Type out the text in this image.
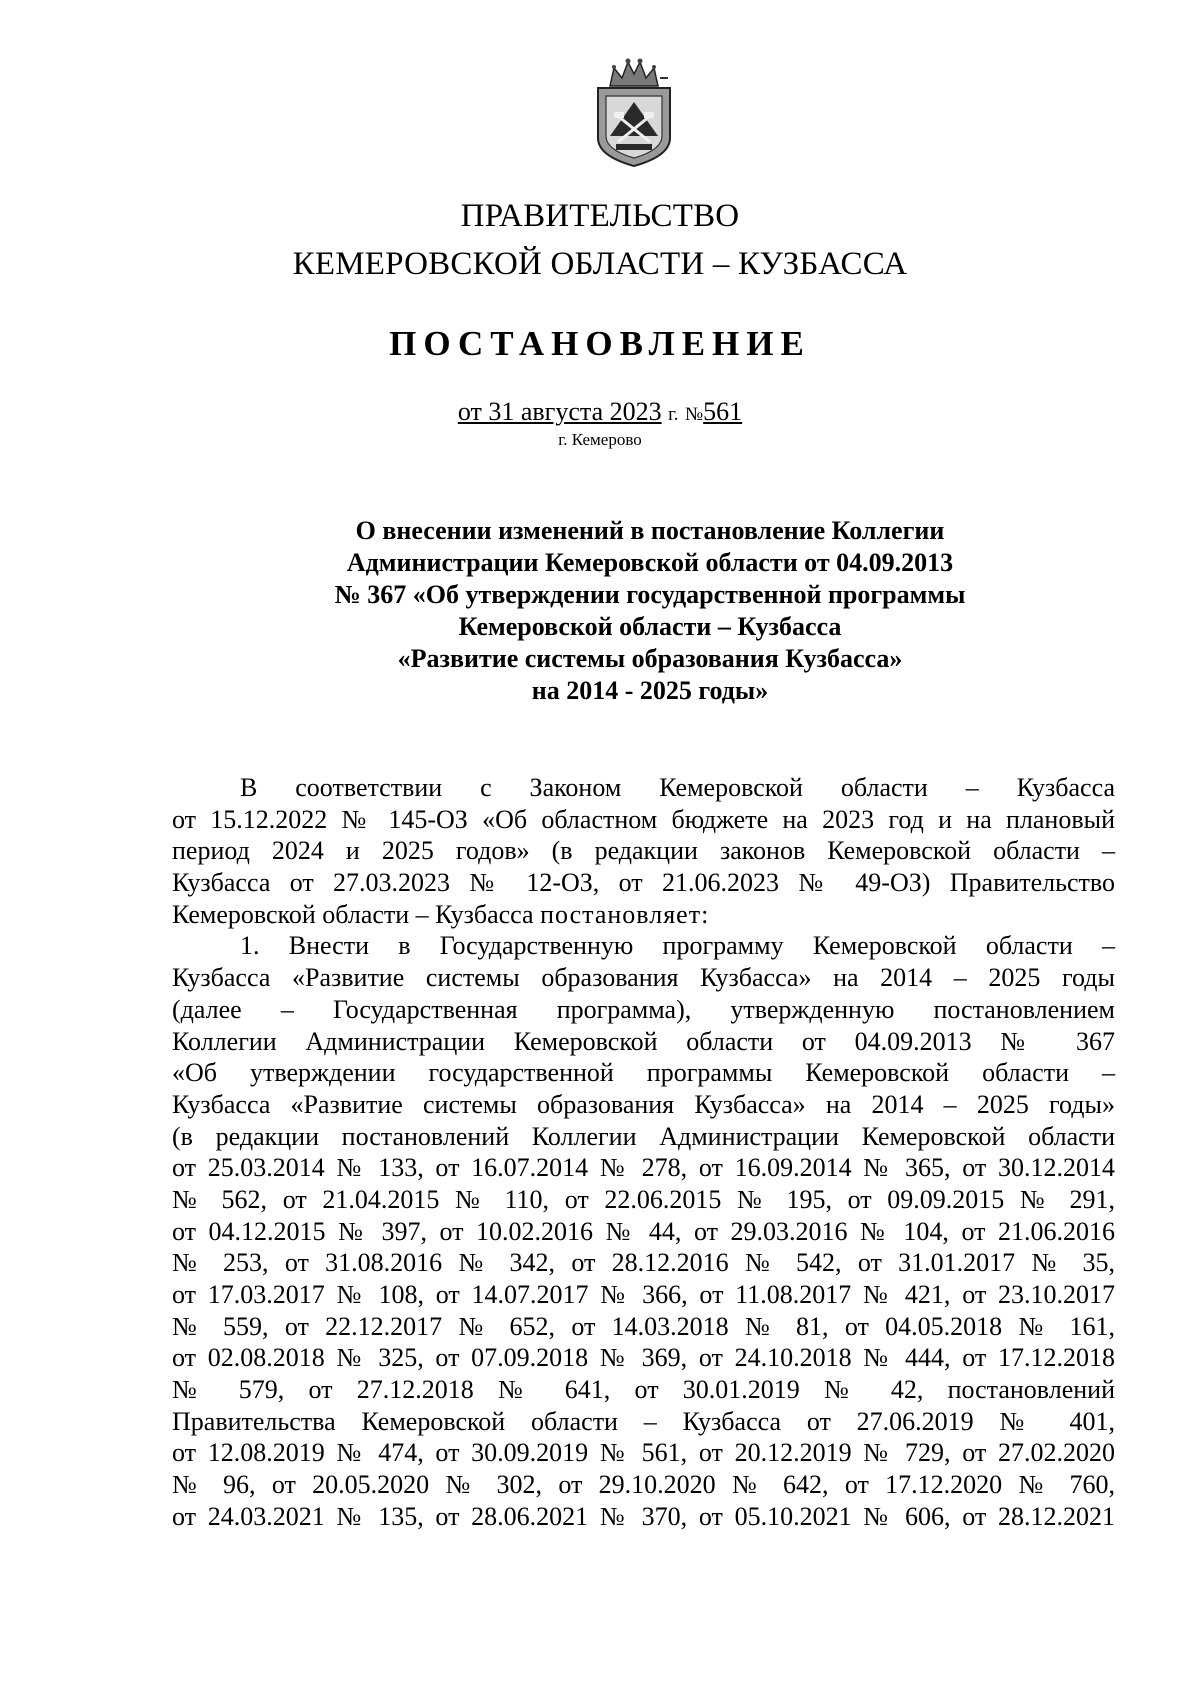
ПРАВИТЕЛЬСТВО
КЕМЕРОВСКОЙ ОБЛАСТИ – КУЗБАССА
ПОСТАНОВЛЕНИЕ
от 31 августа 2023 г. №561
г. Кемерово
О внесении изменений в постановление Коллегии
Администрации Кемеровской области от 04.09.2013
№ 367 «Об утверждении государственной программы
Кемеровской области – Кузбасса
«Развитие системы образования Кузбасса»
на 2014 - 2025 годы»
В соответствии с Законом Кемеровской области – Кузбасса
от 15.12.2022 № 145-ОЗ «Об областном бюджете на 2023 год и на плановый
период 2024 и 2025 годов» (в редакции законов Кемеровской области –
Кузбасса от 27.03.2023 № 12-ОЗ, от 21.06.2023 № 49-ОЗ) Правительство
Кемеровской области – Кузбасса постановляет:
1. Внести в Государственную программу Кемеровской области –
Кузбасса «Развитие системы образования Кузбасса» на 2014 – 2025 годы
(далее – Государственная программа), утвержденную постановлением
Коллегии Администрации Кемеровской области от 04.09.2013 № 367
«Об утверждении государственной программы Кемеровской области –
Кузбасса «Развитие системы образования Кузбасса» на 2014 – 2025 годы»
(в редакции постановлений Коллегии Администрации Кемеровской области
от 25.03.2014 № 133, от 16.07.2014 № 278, от 16.09.2014 № 365, от 30.12.2014
№ 562, от 21.04.2015 № 110, от 22.06.2015 № 195, от 09.09.2015 № 291,
от 04.12.2015 № 397, от 10.02.2016 № 44, от 29.03.2016 № 104, от 21.06.2016
№ 253, от 31.08.2016 № 342, от 28.12.2016 № 542, от 31.01.2017 № 35,
от 17.03.2017 № 108, от 14.07.2017 № 366, от 11.08.2017 № 421, от 23.10.2017
№ 559, от 22.12.2017 № 652, от 14.03.2018 № 81, от 04.05.2018 № 161,
от 02.08.2018 № 325, от 07.09.2018 № 369, от 24.10.2018 № 444, от 17.12.2018
№ 579, от 27.12.2018 № 641, от 30.01.2019 № 42, постановлений
Правительства Кемеровской области – Кузбасса от 27.06.2019 № 401,
от 12.08.2019 № 474, от 30.09.2019 № 561, от 20.12.2019 № 729, от 27.02.2020
№ 96, от 20.05.2020 № 302, от 29.10.2020 № 642, от 17.12.2020 № 760,
от 24.03.2021 № 135, от 28.06.2021 № 370, от 05.10.2021 № 606, от 28.12.2021
